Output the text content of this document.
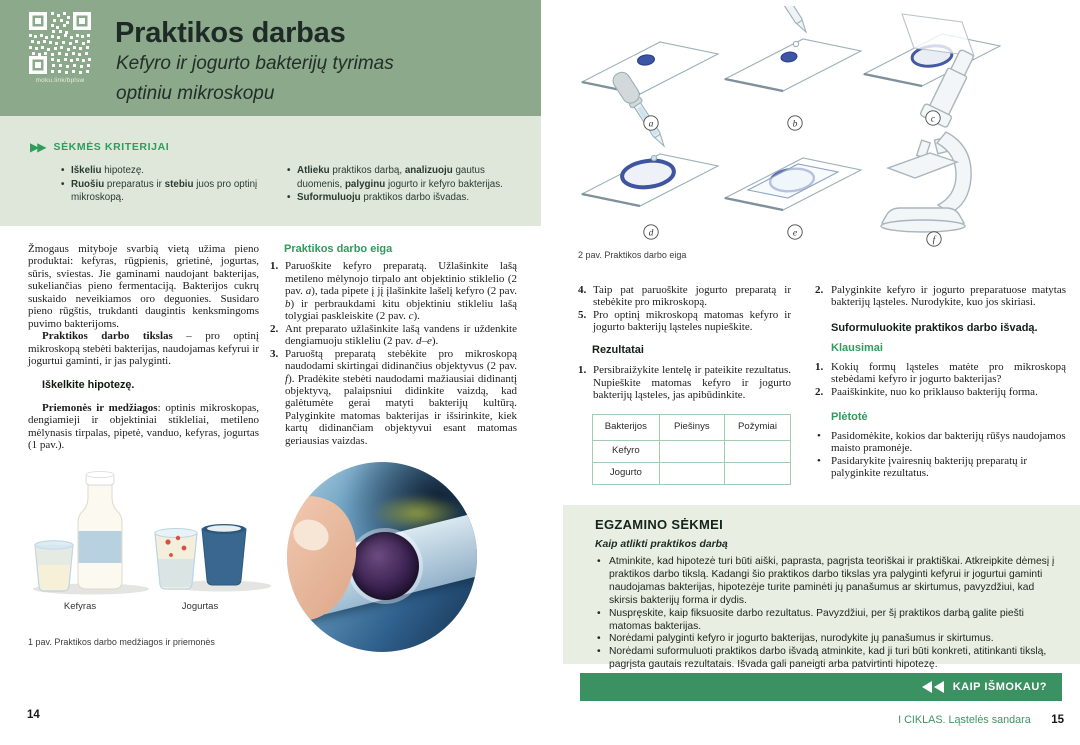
moku.link/bplsw
Praktikos darbas
Kefyro ir jogurto bakterijų tyrimas
optiniu mikroskopu
▶▶ SĖKMĖS KRITERIJAI
• Iškeliu hipotezę.
• Ruošiu preparatus ir stebiu juos pro optinį mikroskopą.
• Atlieku praktikos darbą, analizuoju gautus duomenis, palyginu jogurto ir kefyro bakterijas.
• Suformuluoju praktikos darbo išvadas.

Žmogaus mityboje svarbią vietą užima pieno produktai: kefyras, rūgpienis, grietinė, jogurtas, sūris, sviestas. Jie gaminami naudojant bakterijas, sukeliančias pieno fermentaciją. Bakterijos cukrų suskaido neveikiamos oro deguonies. Susidaro pieno rūgštis, trukdanti daugintis kenksmingoms puvimo bakterijoms.

Praktikos darbo tikslas – pro optinį mikroskopą stebėti bakterijas, naudojamas kefyrui ir jogurtui gaminti, ir jas palyginti.

Iškelkite hipotezę.

Priemonės ir medžiagos: optinis mikroskopas, dengiamieji ir objektiniai stikleliai, metileno mėlynasis tirpalas, pipetė, vanduo, kefyras, jogurtas (1 pav.).

Kefyras	Jogurtas
1 pav. Praktikos darbo medžiagos ir priemonės
Praktikos darbo eiga
1. Paruoškite kefyro preparatą. Užlašinkite lašą metileno mėlynojo tirpalo ant objektinio stiklelio (2 pav. a), tada pipete į jį įlašinkite lašelį kefyro (2 pav. b) ir perbraukdami kitu objektiniu stikleliu lašą tolygiai paskleiskite (2 pav. c).
2. Ant preparato užlašinkite lašą vandens ir uždenkite dengiamuoju stikleliu (2 pav. d–e).
3. Paruoštą preparatą stebėkite pro mikroskopą naudodami skirtingai didinančius objektyvus (2 pav. f). Pradėkite stebėti naudodami mažiausiai didinantį objektyvą, palaipsniui didinkite vaizdą, kad galėtumėte gerai matyti bakterijų kultūrą. Palyginkite matomas bakterijas ir išsirinkite, kiek kartų didinančiam objektyvui esant matomas geriausias vaizdas.
14
a	b	c
d	e
f
2 pav. Praktikos darbo eiga
4. Taip pat paruoškite jogurto preparatą ir stebėkite pro mikroskopą.
5. Pro optinį mikroskopą matomas kefyro ir jogurto bakterijų ląsteles nupieškite.
Rezultatai
1. Persibraižykite lentelę ir pateikite rezultatus. Nupieškite matomas kefyro ir jogurto bakterijų ląsteles, jas apibūdinkite.
Bakterijos	Piešinys	Požymiai
Kefyro		
Jogurto		
2. Palyginkite kefyro ir jogurto preparatuose matytas bakterijų ląsteles. Nurodykite, kuo jos skiriasi.
Suformuluokite praktikos darbo išvadą.
Klausimai
1. Kokių formų ląsteles matėte pro mikroskopą stebėdami kefyro ir jogurto bakterijas?
2. Paaiškinkite, nuo ko priklauso bakterijų forma.
Plėtotė
• Pasidomėkite, kokios dar bakterijų rūšys naudojamos maisto pramonėje.
• Pasidarykite įvairesnių bakterijų preparatų ir palyginkite rezultatus.
EGZAMINO SĖKMEI
Kaip atlikti praktikos darbą
• Atminkite, kad hipotezė turi būti aiški, paprasta, pagrįsta teoriškai ir praktiškai. Atkreipkite dėmesį į praktikos darbo tikslą. Kadangi šio praktikos darbo tikslas yra palyginti kefyrui ir jogurtui gaminti naudojamas bakterijas, hipotezėje turite paminėti jų panašumus ar skirtumus, pavyzdžiui, kad skirsis bakterijų forma ir dydis.
• Nuspręskite, kaip fiksuosite darbo rezultatus. Pavyzdžiui, per šį praktikos darbą galite piešti matomas bakterijas.
• Norėdami palyginti kefyro ir jogurto bakterijas, nurodykite jų panašumus ir skirtumus.
• Norėdami suformuluoti praktikos darbo išvadą atminkite, kad ji turi būti konkreti, atitinkanti tikslą, pagrįsta gautais rezultatais. Išvada gali paneigti arba patvirtinti hipotezę.
KAIP IŠMOKAU?
I CIKLAS. Ląstelės sandara 15
